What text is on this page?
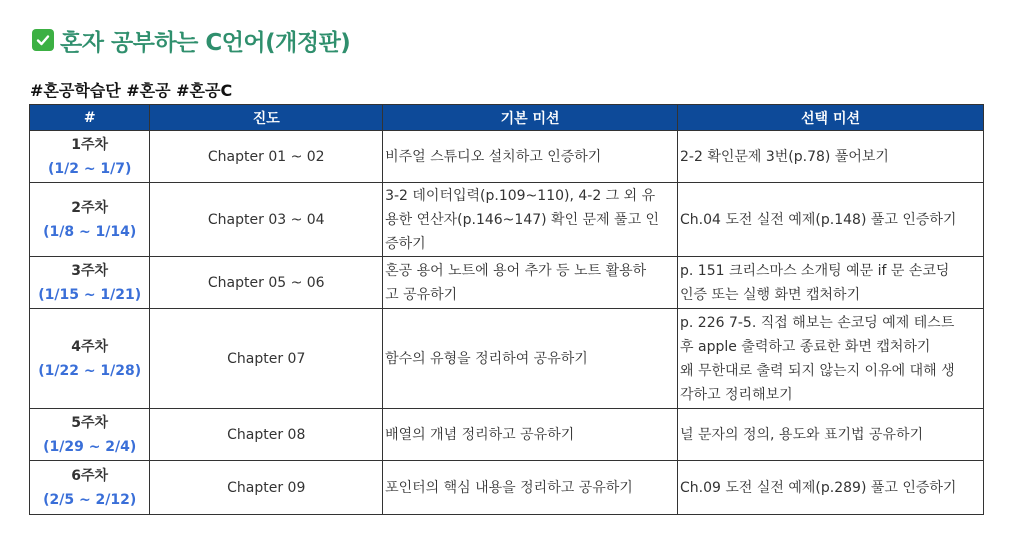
혼자 공부하는 C언어(개정판)
#혼공학습단 #혼공 #혼공C
#	진도	기본 미션	선택 미션

1주차
(1/2 ~ 1/7)	Chapter 01 ~ 02	비주얼 스튜디오 설치하고 인증하기	2-2 확인문제 3번(p.78) 풀어보기

2주차
(1/8 ~ 1/14)	Chapter 03 ~ 04	3-2 데이터입력(p.109~110), 4-2 그 외 유
용한 연산자(p.146~147) 확인 문제 풀고 인
증하기	Ch.04 도전 실전 예제(p.148) 풀고 인증하기

3주차
(1/15 ~ 1/21)	Chapter 05 ~ 06	혼공 용어 노트에 용어 추가 등 노트 활용하
고 공유하기	p. 151 크리스마스 소개팅 예문 if 문 손코딩
인증 또는 실행 화면 캡처하기

4주차
(1/22 ~ 1/28)	Chapter 07	함수의 유형을 정리하여 공유하기	p. 226 7-5. 직접 해보는 손코딩 예제 테스트
후 apple 출력하고 종료한 화면 캡처하기
왜 무한대로 출력 되지 않는지 이유에 대해 생
각하고 정리해보기

5주차
(1/29 ~ 2/4)	Chapter 08	배열의 개념 정리하고 공유하기	널 문자의 정의, 용도와 표기법 공유하기

6주차
(2/5 ~ 2/12)	Chapter 09	포인터의 핵심 내용을 정리하고 공유하기	Ch.09 도전 실전 예제(p.289) 풀고 인증하기
